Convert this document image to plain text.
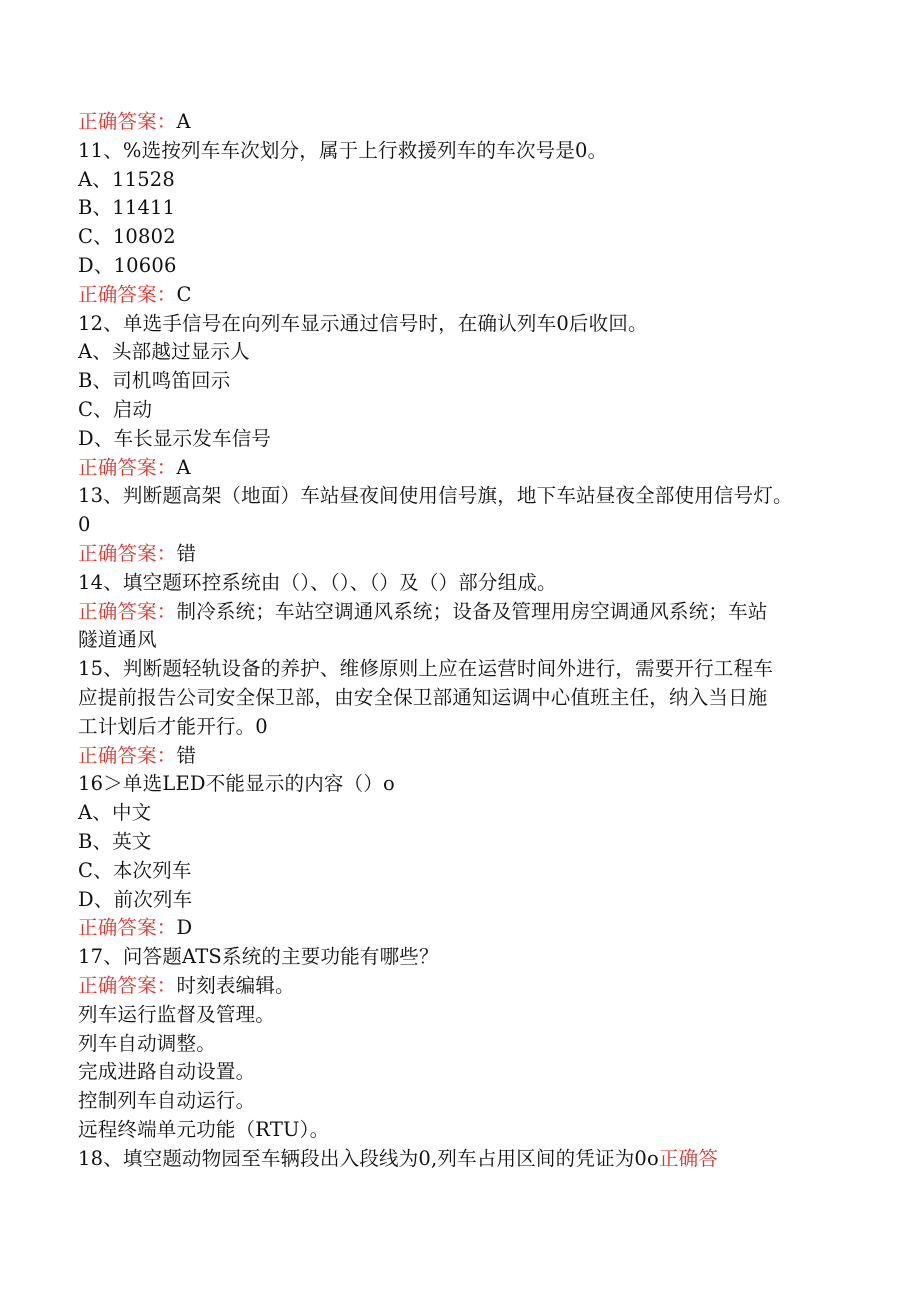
正确答案：A
11、%选按列车车次划分，属于上行救援列车的车次号是0。
A、11528
B、11411
C、10802
D、10606
正确答案：C
12、单选手信号在向列车显示通过信号时，在确认列车0后收回。
A、头部越过显示人
B、司机鸣笛回示
C、启动
D、车长显示发车信号
正确答案：A
13、判断题高架（地面）车站昼夜间使用信号旗，地下车站昼夜全部使用信号灯。
0
正确答案：错
14、填空题环控系统由（）、（）、（）及（）部分组成。
正确答案：制冷系统；车站空调通风系统；设备及管理用房空调通风系统；车站
隧道通风
15、判断题轻轨设备的养护、维修原则上应在运营时间外进行，需要开行工程车
应提前报告公司安全保卫部，由安全保卫部通知运调中心值班主任，纳入当日施
工计划后才能开行。0
正确答案：错
16＞单选LED不能显示的内容（）o
A、中文
B、英文
C、本次列车
D、前次列车
正确答案：D
17、问答题ATS系统的主要功能有哪些？
正确答案：时刻表编辑。
列车运行监督及管理。
列车自动调整。
完成进路自动设置。
控制列车自动运行。
远程终端单元功能（RTU）。
18、填空题动物园至车辆段出入段线为0,列车占用区间的凭证为0o正确答
